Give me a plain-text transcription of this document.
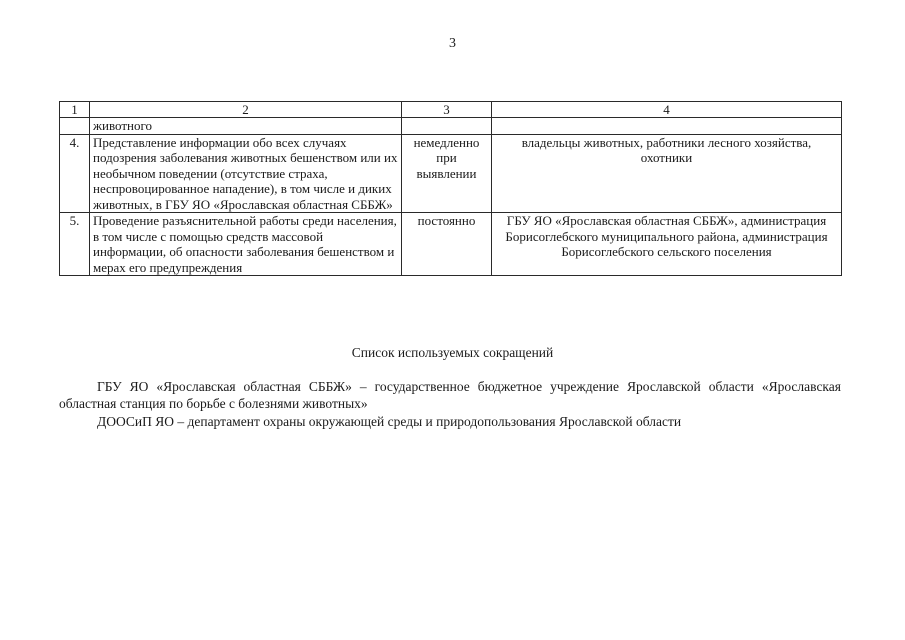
3
1	2	3	4
	животного		
4.	Представление информации обо всех случаях подозрения заболевания животных бешенством или их необычном поведении (отсутствие страха, неспровоцированное нападение), в том числе и диких животных, в ГБУ ЯО «Ярославская областная СББЖ»	немедленно при выявлении	владельцы животных, работники лесного хозяйства, охотники
5.	Проведение разъяснительной работы среди населения, в том числе с помощью средств массовой информации, об опасности заболевания бешенством и мерах его предупреждения	постоянно	ГБУ ЯО «Ярославская областная СББЖ», администрация Борисоглебского муниципального района, администрация Борисоглебского сельского поселения
Список используемых сокращений
ГБУ ЯО «Ярославская областная СББЖ» – государственное бюджетное учреждение Ярославской области «Ярославская областная станция по борьбе с болезнями животных»
ДООСиП ЯО – департамент охраны окружающей среды и природопользования Ярославской области
